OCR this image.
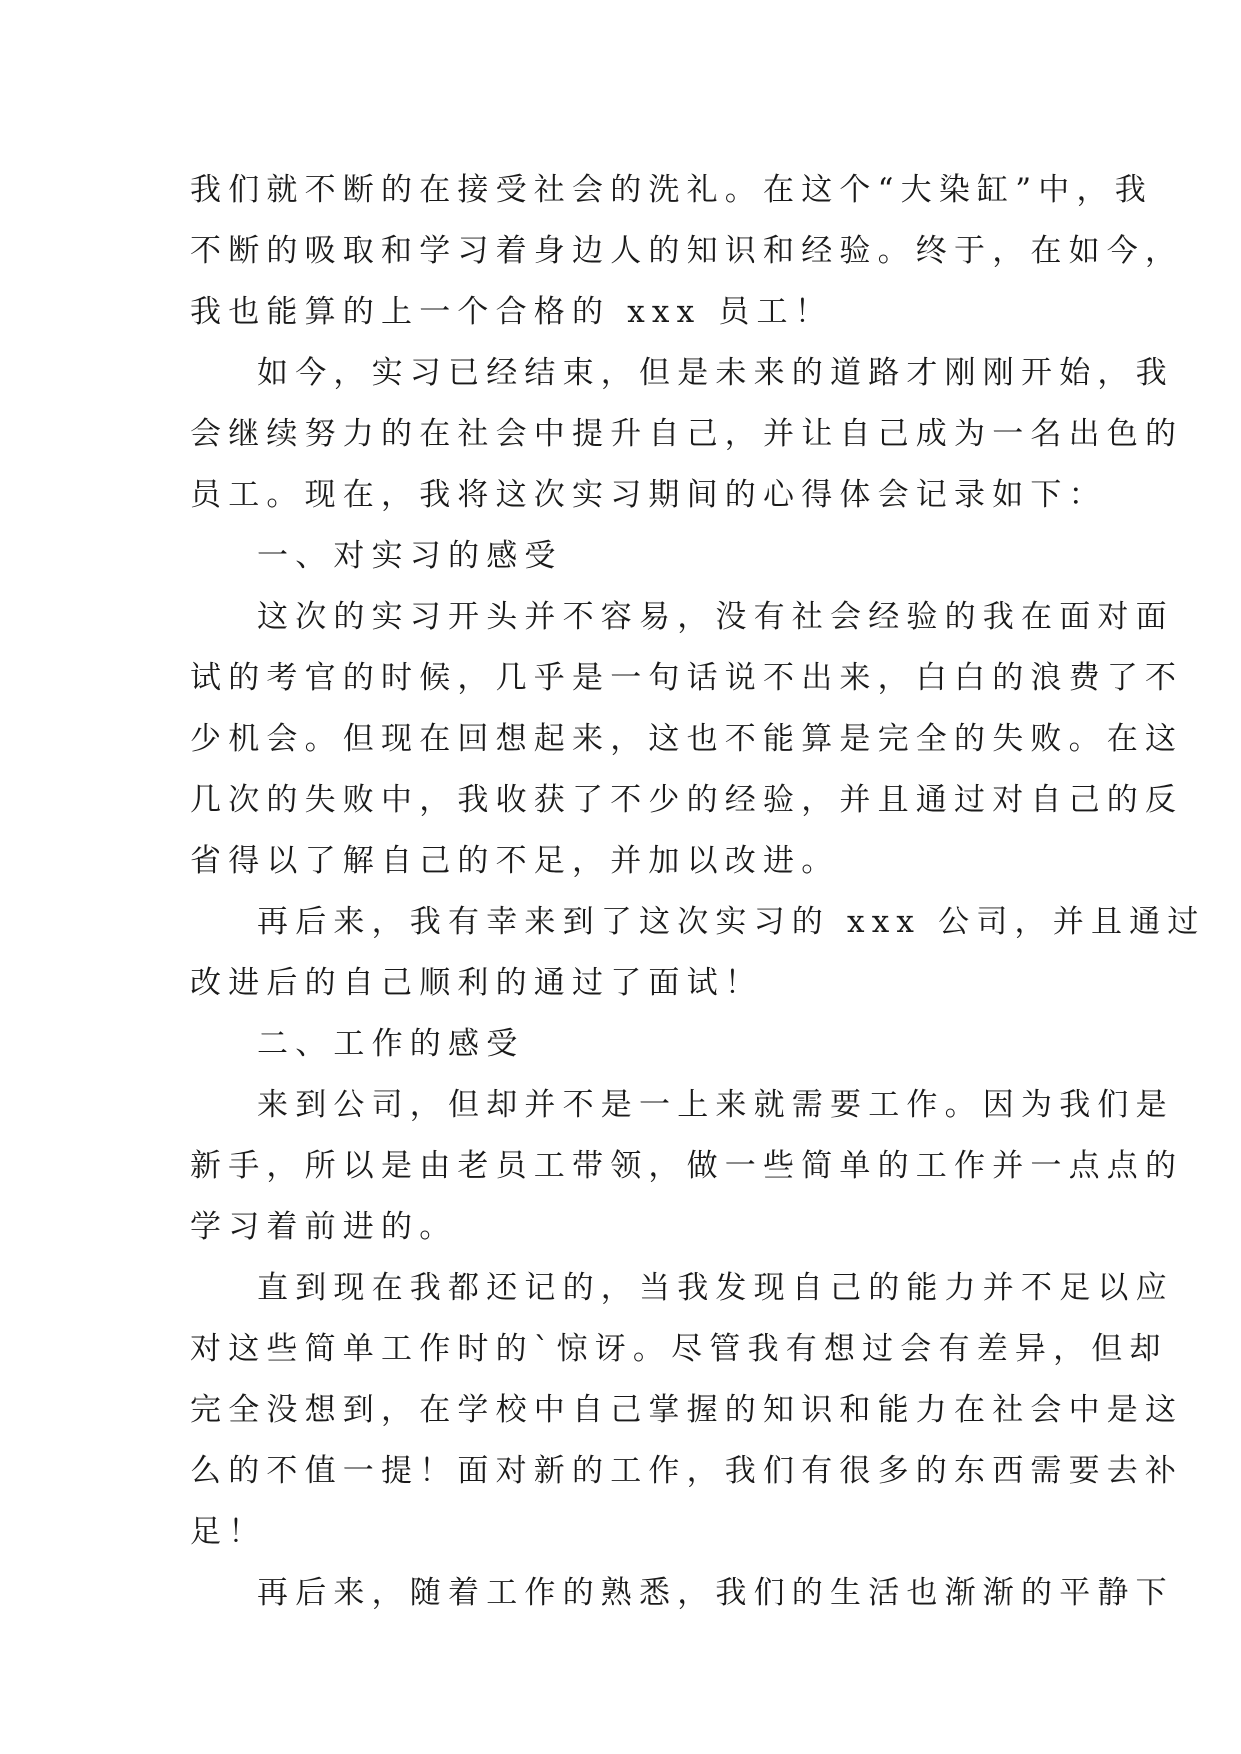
我们就不断的在接受社会的洗礼。在这个“大染缸”中，我
不断的吸取和学习着身边人的知识和经验。终于，在如今，
我也能算的上一个合格的 xxx 员工！
如今，实习已经结束，但是未来的道路才刚刚开始，我
会继续努力的在社会中提升自己，并让自己成为一名出色的
员工。现在，我将这次实习期间的心得体会记录如下：
一、对实习的感受
这次的实习开头并不容易，没有社会经验的我在面对面
试的考官的时候，几乎是一句话说不出来，白白的浪费了不
少机会。但现在回想起来，这也不能算是完全的失败。在这
几次的失败中，我收获了不少的经验，并且通过对自己的反
省得以了解自己的不足，并加以改进。
再后来，我有幸来到了这次实习的 xxx 公司，并且通过
改进后的自己顺利的通过了面试！
二、工作的感受
来到公司，但却并不是一上来就需要工作。因为我们是
新手，所以是由老员工带领，做一些简单的工作并一点点的
学习着前进的。
直到现在我都还记的，当我发现自己的能力并不足以应
对这些简单工作时的`惊讶。尽管我有想过会有差异，但却
完全没想到，在学校中自己掌握的知识和能力在社会中是这
么的不值一提！面对新的工作，我们有很多的东西需要去补
足！
再后来，随着工作的熟悉，我们的生活也渐渐的平静下
